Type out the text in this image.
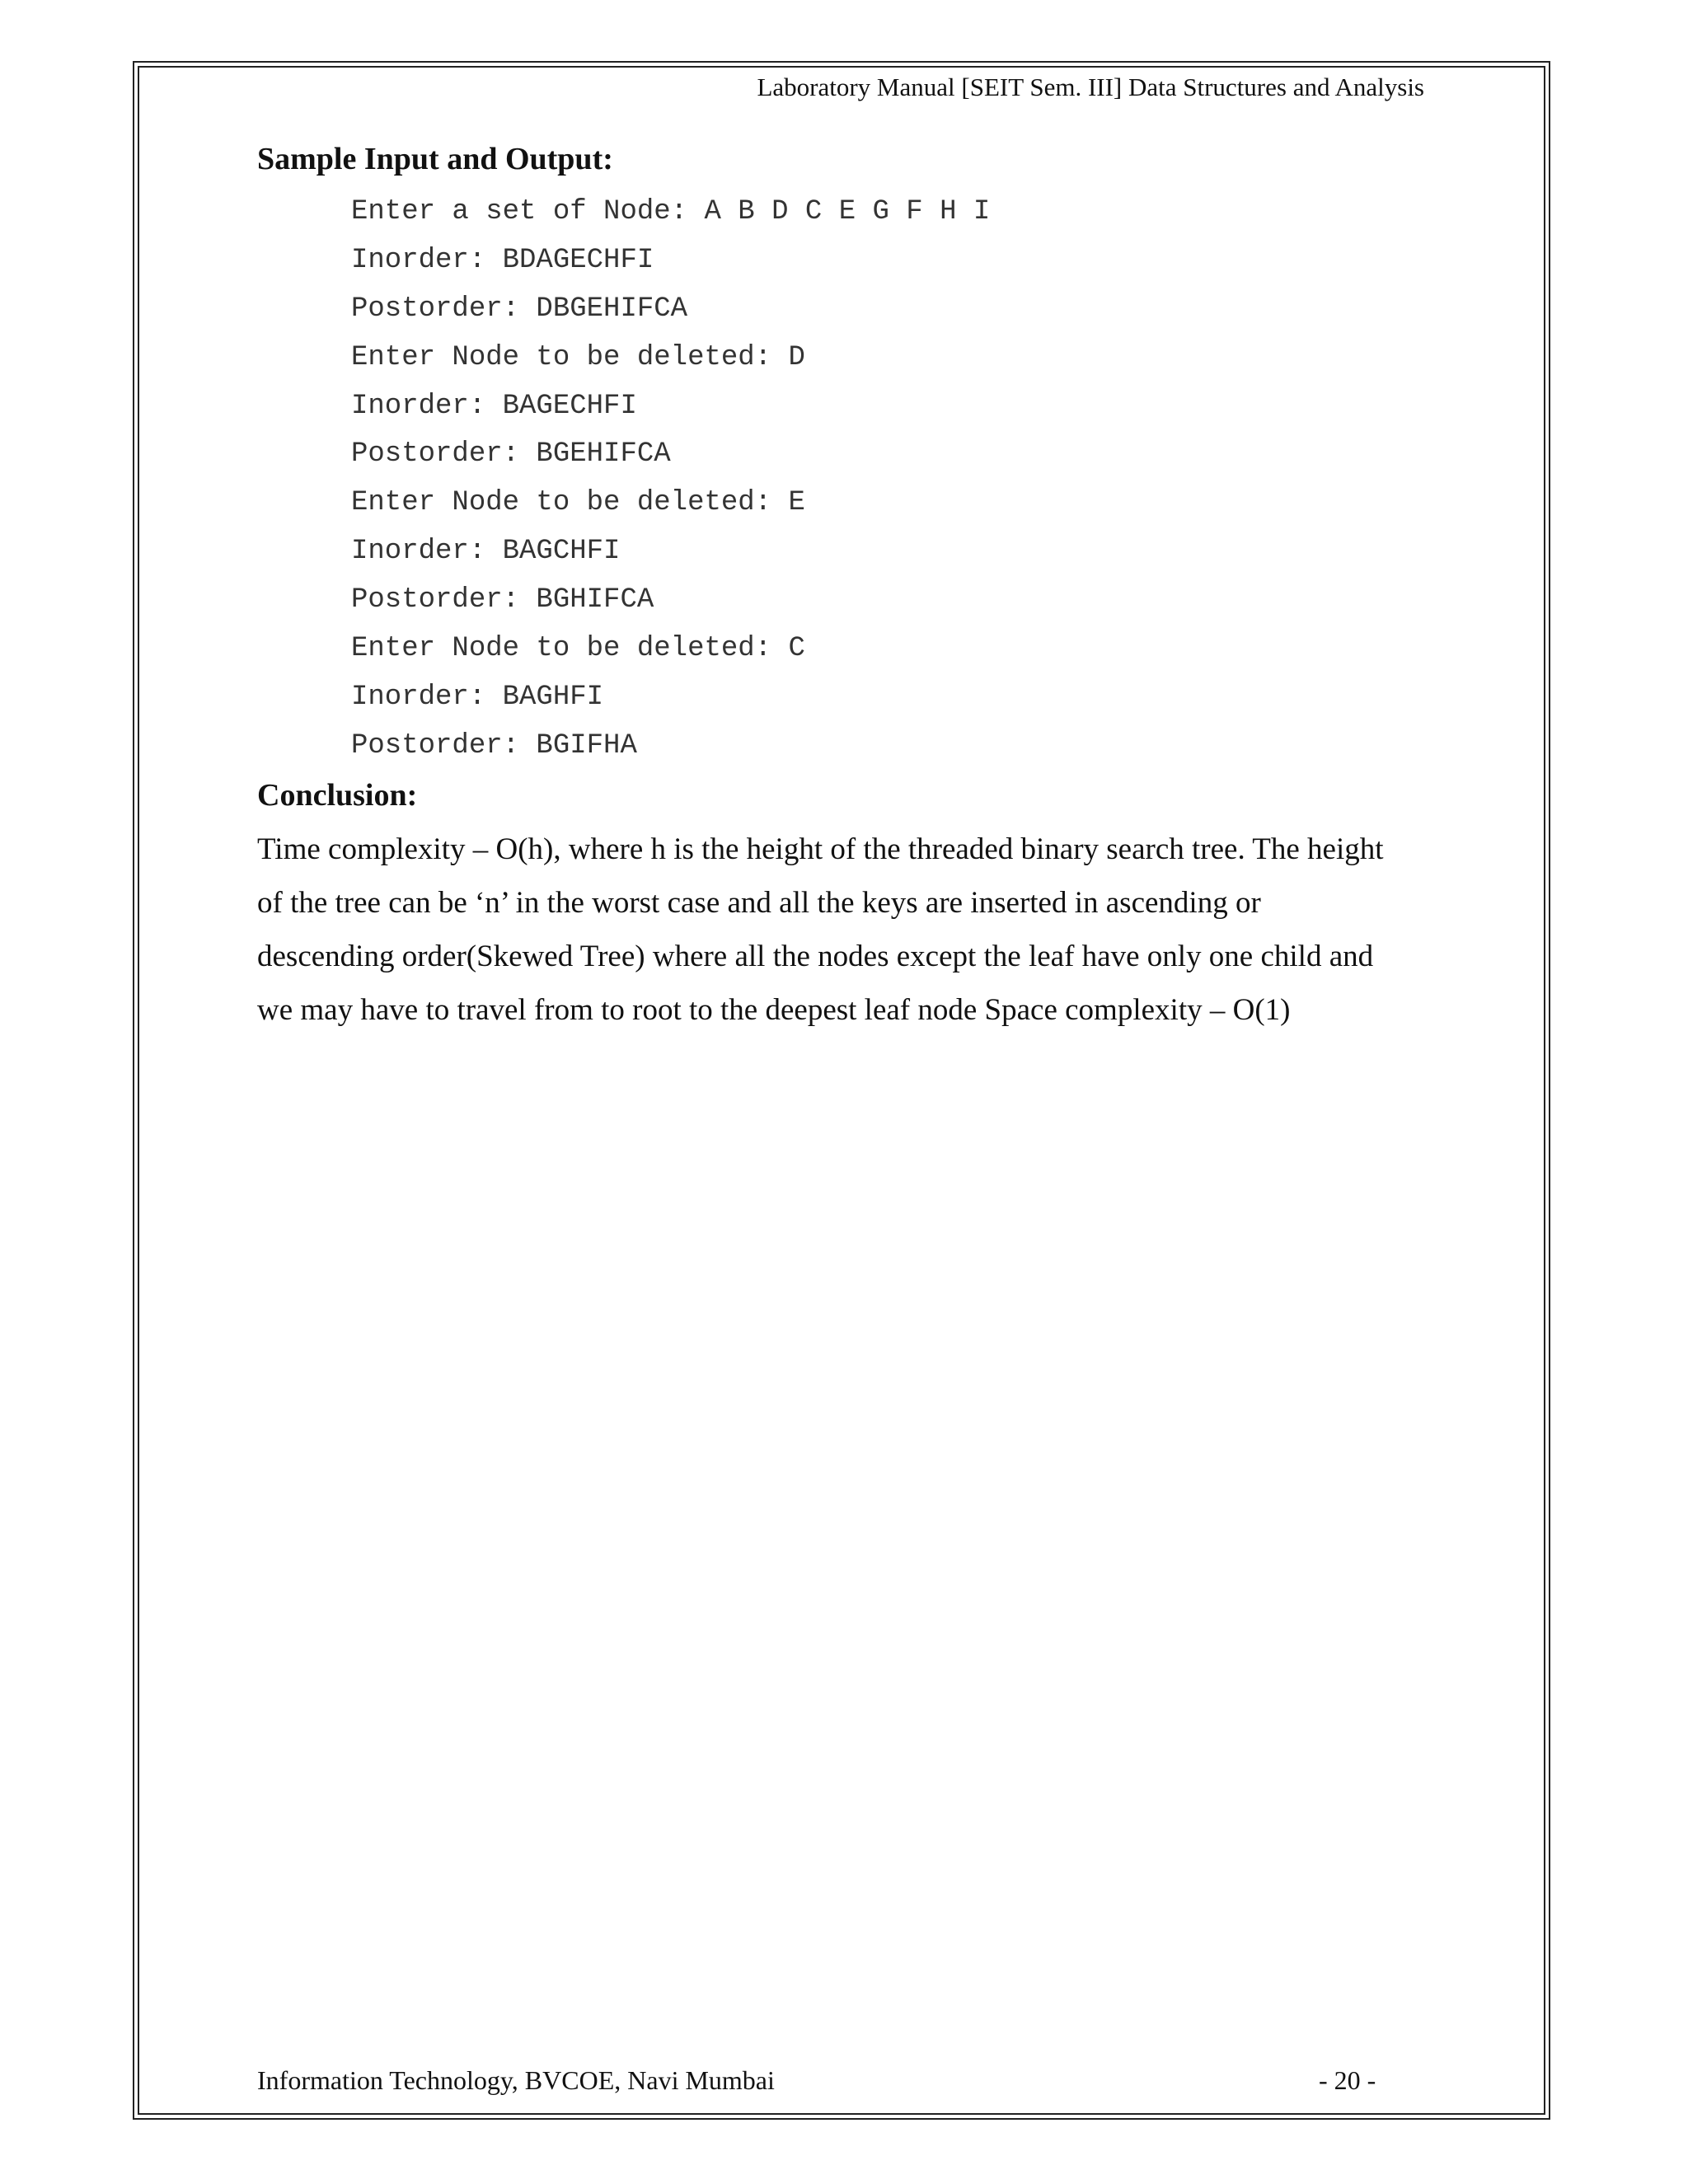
Laboratory Manual [SEIT Sem. III] Data Structures and Analysis
Sample Input and Output:
Enter a set of Node: A B D C E G F H I
Inorder: BDAGECHFI
Postorder: DBGEHIFCA
Enter Node to be deleted: D
Inorder: BAGECHFI
Postorder: BGEHIFCA
Enter Node to be deleted: E
Inorder: BAGCHFI
Postorder: BGHIFCA
Enter Node to be deleted: C
Inorder: BAGHFI
Postorder: BGIFHA
Conclusion:
Time complexity – O(h), where h is the height of the threaded binary search tree. The height
of the tree can be ‘n’ in the worst case and all the keys are inserted in ascending or
descending order(Skewed Tree) where all the nodes except the leaf have only one child and
we may have to travel from to root to the deepest leaf node Space complexity – O(1)
Information Technology, BVCOE, Navi Mumbai	- 20 -
